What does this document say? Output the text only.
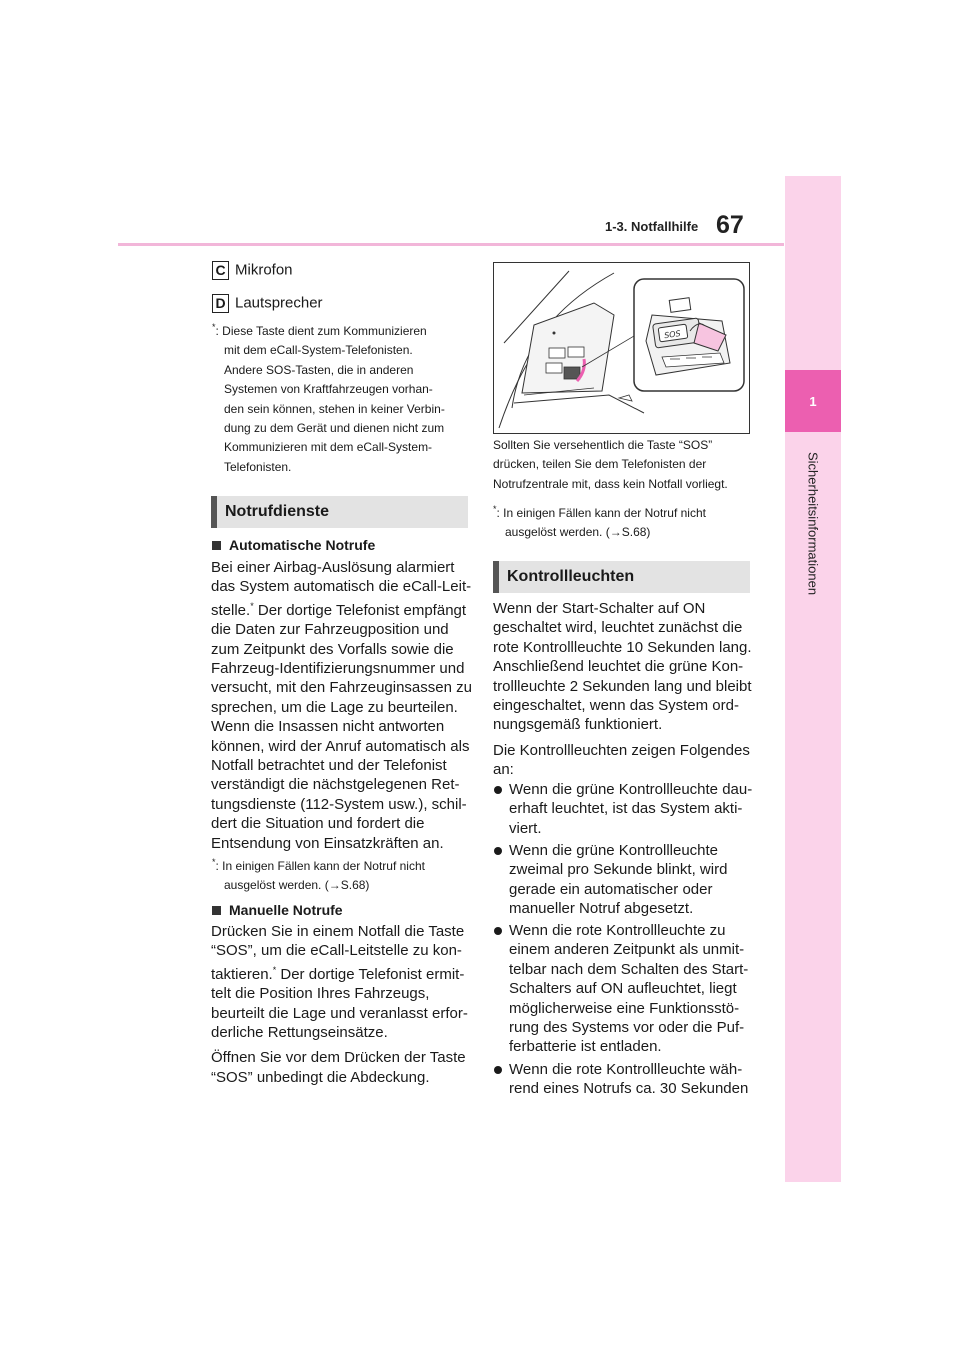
1-3. Notfallhilfe 67
1
Sicherheitsinformationen
C Mikrofon
D Lautsprecher
*: Diese Taste dient zum Kommunizieren
mit dem eCall-System-Telefonisten.
Andere SOS-Tasten, die in anderen
Systemen von Kraftfahrzeugen vorhan-
den sein können, stehen in keiner Verbin-
dung zu dem Gerät und dienen nicht zum
Kommunizieren mit dem eCall-System-
Telefonisten.
Notrufdienste
Automatische Notrufe
Bei einer Airbag-Auslösung alarmiert
das System automatisch die eCall-Leit-
stelle.* Der dortige Telefonist empfängt
die Daten zur Fahrzeugposition und
zum Zeitpunkt des Vorfalls sowie die
Fahrzeug-Identifizierungsnummer und
versucht, mit den Fahrzeuginsassen zu
sprechen, um die Lage zu beurteilen.
Wenn die Insassen nicht antworten
können, wird der Anruf automatisch als
Notfall betrachtet und der Telefonist
verständigt die nächstgelegenen Ret-
tungsdienste (112-System usw.), schil-
dert die Situation und fordert die
Entsendung von Einsatzkräften an.
*: In einigen Fällen kann der Notruf nicht
ausgelöst werden. (→S.68)
Manuelle Notrufe
Drücken Sie in einem Notfall die Taste
“SOS”, um die eCall-Leitstelle zu kon-
taktieren.* Der dortige Telefonist ermit-
telt die Position Ihres Fahrzeugs,
beurteilt die Lage und veranlasst erfor-
derliche Rettungseinsätze.
Öffnen Sie vor dem Drücken der Taste
“SOS” unbedingt die Abdeckung.
SOS
Sollten Sie versehentlich die Taste “SOS”
drücken, teilen Sie dem Telefonisten der
Notrufzentrale mit, dass kein Notfall vorliegt.
*: In einigen Fällen kann der Notruf nicht
ausgelöst werden. (→S.68)
Kontrollleuchten
Wenn der Start-Schalter auf ON
geschaltet wird, leuchtet zunächst die
rote Kontrollleuchte 10 Sekunden lang.
Anschließend leuchtet die grüne Kon-
trollleuchte 2 Sekunden lang und bleibt
eingeschaltet, wenn das System ord-
nungsgemäß funktioniert.
Die Kontrollleuchten zeigen Folgendes
an:
Wenn die grüne Kontrollleuchte dau-
erhaft leuchtet, ist das System akti-
viert.
Wenn die grüne Kontrollleuchte
zweimal pro Sekunde blinkt, wird
gerade ein automatischer oder
manueller Notruf abgesetzt.
Wenn die rote Kontrollleuchte zu
einem anderen Zeitpunkt als unmit-
telbar nach dem Schalten des Start-
Schalters auf ON aufleuchtet, liegt
möglicherweise eine Funktionsstö-
rung des Systems vor oder die Puf-
ferbatterie ist entladen.
Wenn die rote Kontrollleuchte wäh-
rend eines Notrufs ca. 30 Sekunden
